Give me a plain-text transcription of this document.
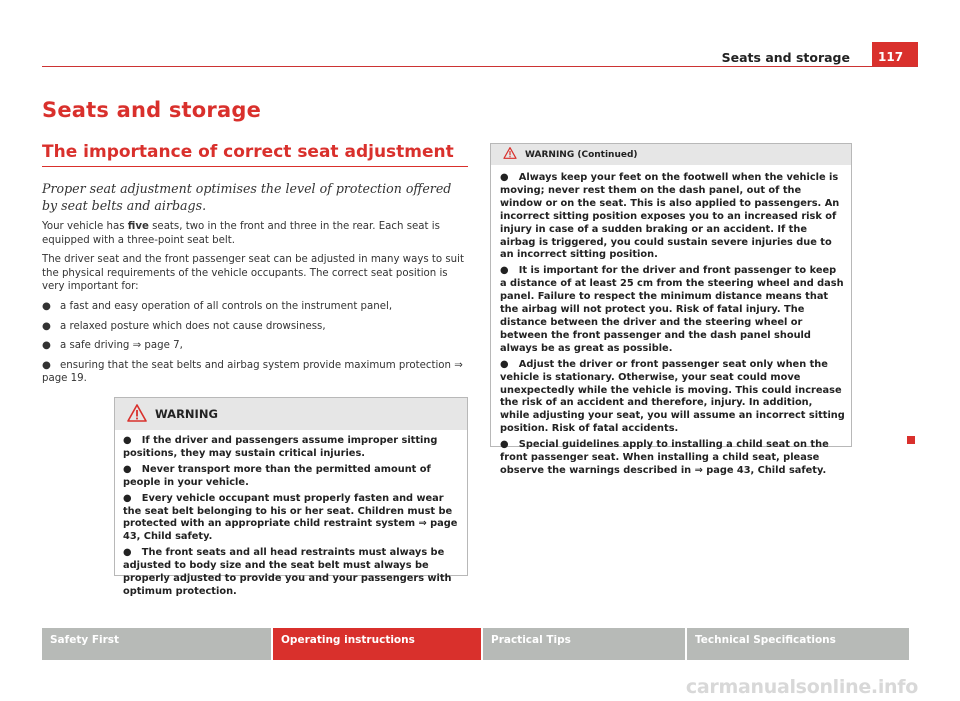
Seats and storage	117
Seats and storage
The importance of correct seat adjustment
Proper seat adjustment optimises the level of protection offered by seat belts and airbags.

Your vehicle has five seats, two in the front and three in the rear. Each seat is equipped with a three-point seat belt.

The driver seat and the front passenger seat can be adjusted in many ways to suit the physical requirements of the vehicle occupants. The correct seat position is very important for:

● a fast and easy operation of all controls on the instrument panel,
● a relaxed posture which does not cause drowsiness,
● a safe driving ⇒ page 7,
● ensuring that the seat belts and airbag system provide maximum protection ⇒ page 19.
WARNING

●   If the driver and passengers assume improper sitting positions, they may sustain critical injuries.

●   Never transport more than the permitted amount of people in your vehicle.

●   Every vehicle occupant must properly fasten and wear the seat belt belonging to his or her seat. Children must be protected with an appropriate child restraint system ⇒ page 43, Child safety.

●   The front seats and all head restraints must always be adjusted to body size and the seat belt must always be properly adjusted to provide you and your passengers with optimum protection.

WARNING (Continued)

●   Always keep your feet on the footwell when the vehicle is moving; never rest them on the dash panel, out of the window or on the seat. This is also applied to passengers. An incorrect sitting position exposes you to an increased risk of injury in case of a sudden braking or an accident. If the airbag is triggered, you could sustain severe injuries due to an incorrect sitting position.

●   It is important for the driver and front passenger to keep a distance of at least 25 cm from the steering wheel and dash panel. Failure to respect the minimum distance means that the airbag will not protect you. Risk of fatal injury. The distance between the driver and the steering wheel or between the front passenger and the dash panel should always be as great as possible.

●   Adjust the driver or front passenger seat only when the vehicle is stationary. Otherwise, your seat could move unexpectedly while the vehicle is moving. This could increase the risk of an accident and therefore, injury. In addition, while adjusting your seat, you will assume an incorrect sitting position. Risk of fatal accidents.

●   Special guidelines apply to installing a child seat on the front passenger seat. When installing a child seat, please observe the warnings described in ⇒ page 43, Child safety.

Safety First	Operating instructions	Practical Tips	Technical Specifications
carmanualsonline.info
